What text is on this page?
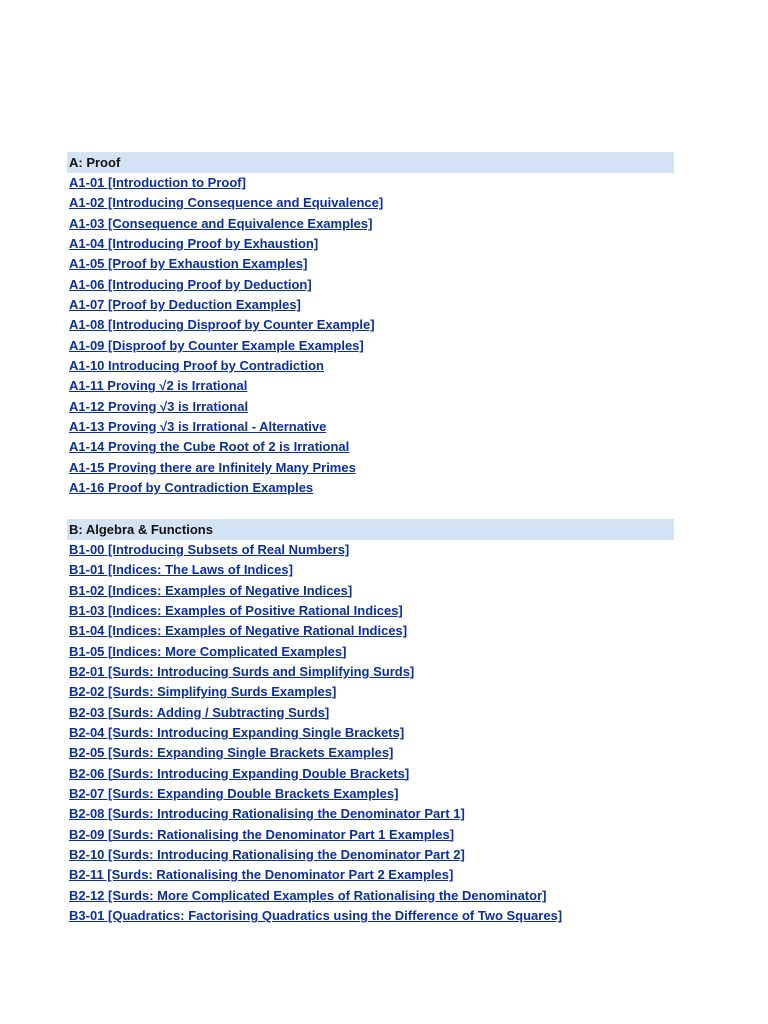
A: Proof
A1-01 [Introduction to Proof]
A1-02 [Introducing Consequence and Equivalence]
A1-03 [Consequence and Equivalence Examples]
A1-04 [Introducing Proof by Exhaustion]
A1-05 [Proof by Exhaustion Examples]
A1-06 [Introducing Proof by Deduction]
A1-07 [Proof by Deduction Examples]
A1-08 [Introducing Disproof by Counter Example]
A1-09 [Disproof by Counter Example Examples]
A1-10 Introducing Proof by Contradiction
A1-11 Proving √2 is Irrational
A1-12 Proving √3 is Irrational
A1-13 Proving √3 is Irrational - Alternative
A1-14 Proving the Cube Root of 2 is Irrational
A1-15 Proving there are Infinitely Many Primes
A1-16 Proof by Contradiction Examples
B: Algebra & Functions
B1-00 [Introducing Subsets of Real Numbers]
B1-01 [Indices: The Laws of Indices]
B1-02 [Indices: Examples of Negative Indices]
B1-03 [Indices: Examples of Positive Rational Indices]
B1-04 [Indices: Examples of Negative Rational Indices]
B1-05 [Indices: More Complicated Examples]
B2-01 [Surds: Introducing Surds and Simplifying Surds]
B2-02 [Surds: Simplifying Surds Examples]
B2-03 [Surds: Adding / Subtracting Surds]
B2-04 [Surds: Introducing Expanding Single Brackets]
B2-05 [Surds: Expanding Single Brackets Examples]
B2-06 [Surds: Introducing Expanding Double Brackets]
B2-07 [Surds: Expanding Double Brackets Examples]
B2-08 [Surds: Introducing Rationalising the Denominator Part 1]
B2-09 [Surds: Rationalising the Denominator Part 1 Examples]
B2-10 [Surds: Introducing Rationalising the Denominator Part 2]
B2-11 [Surds: Rationalising the Denominator Part 2 Examples]
B2-12 [Surds: More Complicated Examples of Rationalising the Denominator]
B3-01 [Quadratics: Factorising Quadratics using the Difference of Two Squares]
